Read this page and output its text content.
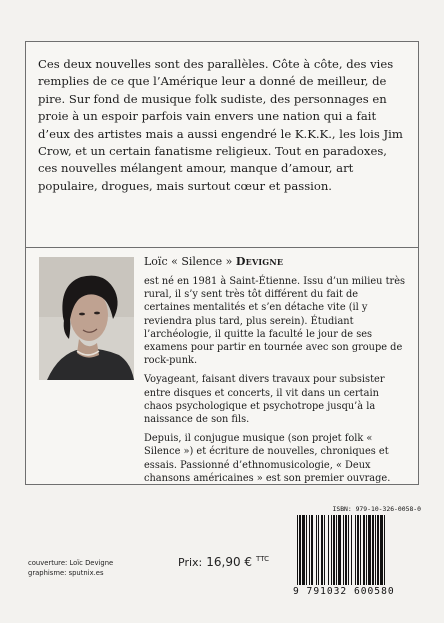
Ces deux nouvelles sont des parallèles. Côte à côte, des vies remplies de ce que l’Amérique leur a donné de meilleur, de pire. Sur fond de musique folk sudiste, des personnages en proie à un espoir parfois vain envers une nation qui a fait d’eux des artistes mais a aussi engendré le K.K.K., les lois Jim Crow, et un certain fanatisme religieux. Tout en paradoxes, ces nouvelles mélangent amour, manque d’amour, art populaire, drogues, mais surtout cœur et passion.

Loïc « Silence » Devigne

est né en 1981 à Saint-Étienne. Issu d’un milieu très rural, il s’y sent très tôt différent du fait de certaines mentalités et s’en détache vite (il y reviendra plus tard, plus serein). Étudiant l’archéologie, il quitte la faculté le jour de ses examens pour partir en tournée avec son groupe de rock-punk.

Voyageant, faisant divers travaux pour subsister entre disques et concerts, il vit dans un certain chaos psychologique et psychotrope jusqu’à la naissance de son fils.

Depuis, il conjugue musique (son projet folk « Silence ») et écriture de nouvelles, chroniques et essais. Passionné d’ethnomusicologie, « Deux chansons américaines » est son premier ouvrage.

couverture: Loïc Devigne
graphisme: sputnix.es
Prix: 16,90 € TTC
ISBN: 979-10-326-0058-0
9 791032 600580
